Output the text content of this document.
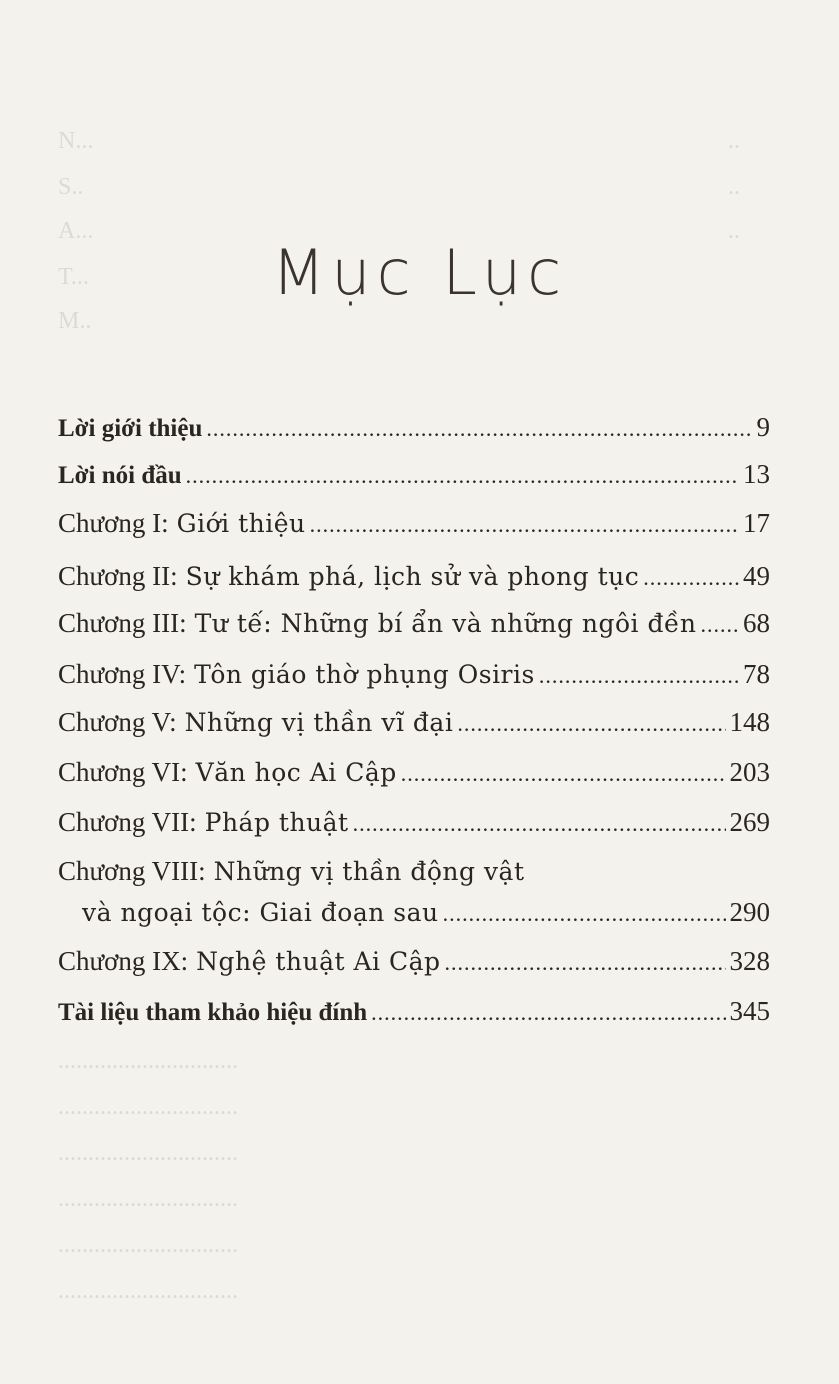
N...
S..
A...
T...
M..
..
..
..
..............................
..............................
..............................
..............................
..............................
..............................
Mục Lục
Lời giới thiệu .....	9
Lời nói đầu .....	13
Chương I: Giới thiệu .....	17
Chương II: Sự khám phá, lịch sử và phong tục .....	49
Chương III: Tư tế: Những bí ẩn và những ngôi đền ..... 68
Chương IV: Tôn giáo thờ phụng Osiris .....	78
Chương V: Những vị thần vĩ đại .....	148
Chương VI: Văn học Ai Cập .....	203
Chương VII: Pháp thuật .....	269
Chương VIII: Những vị thần động vật
và ngoại tộc: Giai đoạn sau .....	290
Chương IX: Nghệ thuật Ai Cập .....	328
Tài liệu tham khảo hiệu đính .....	345
